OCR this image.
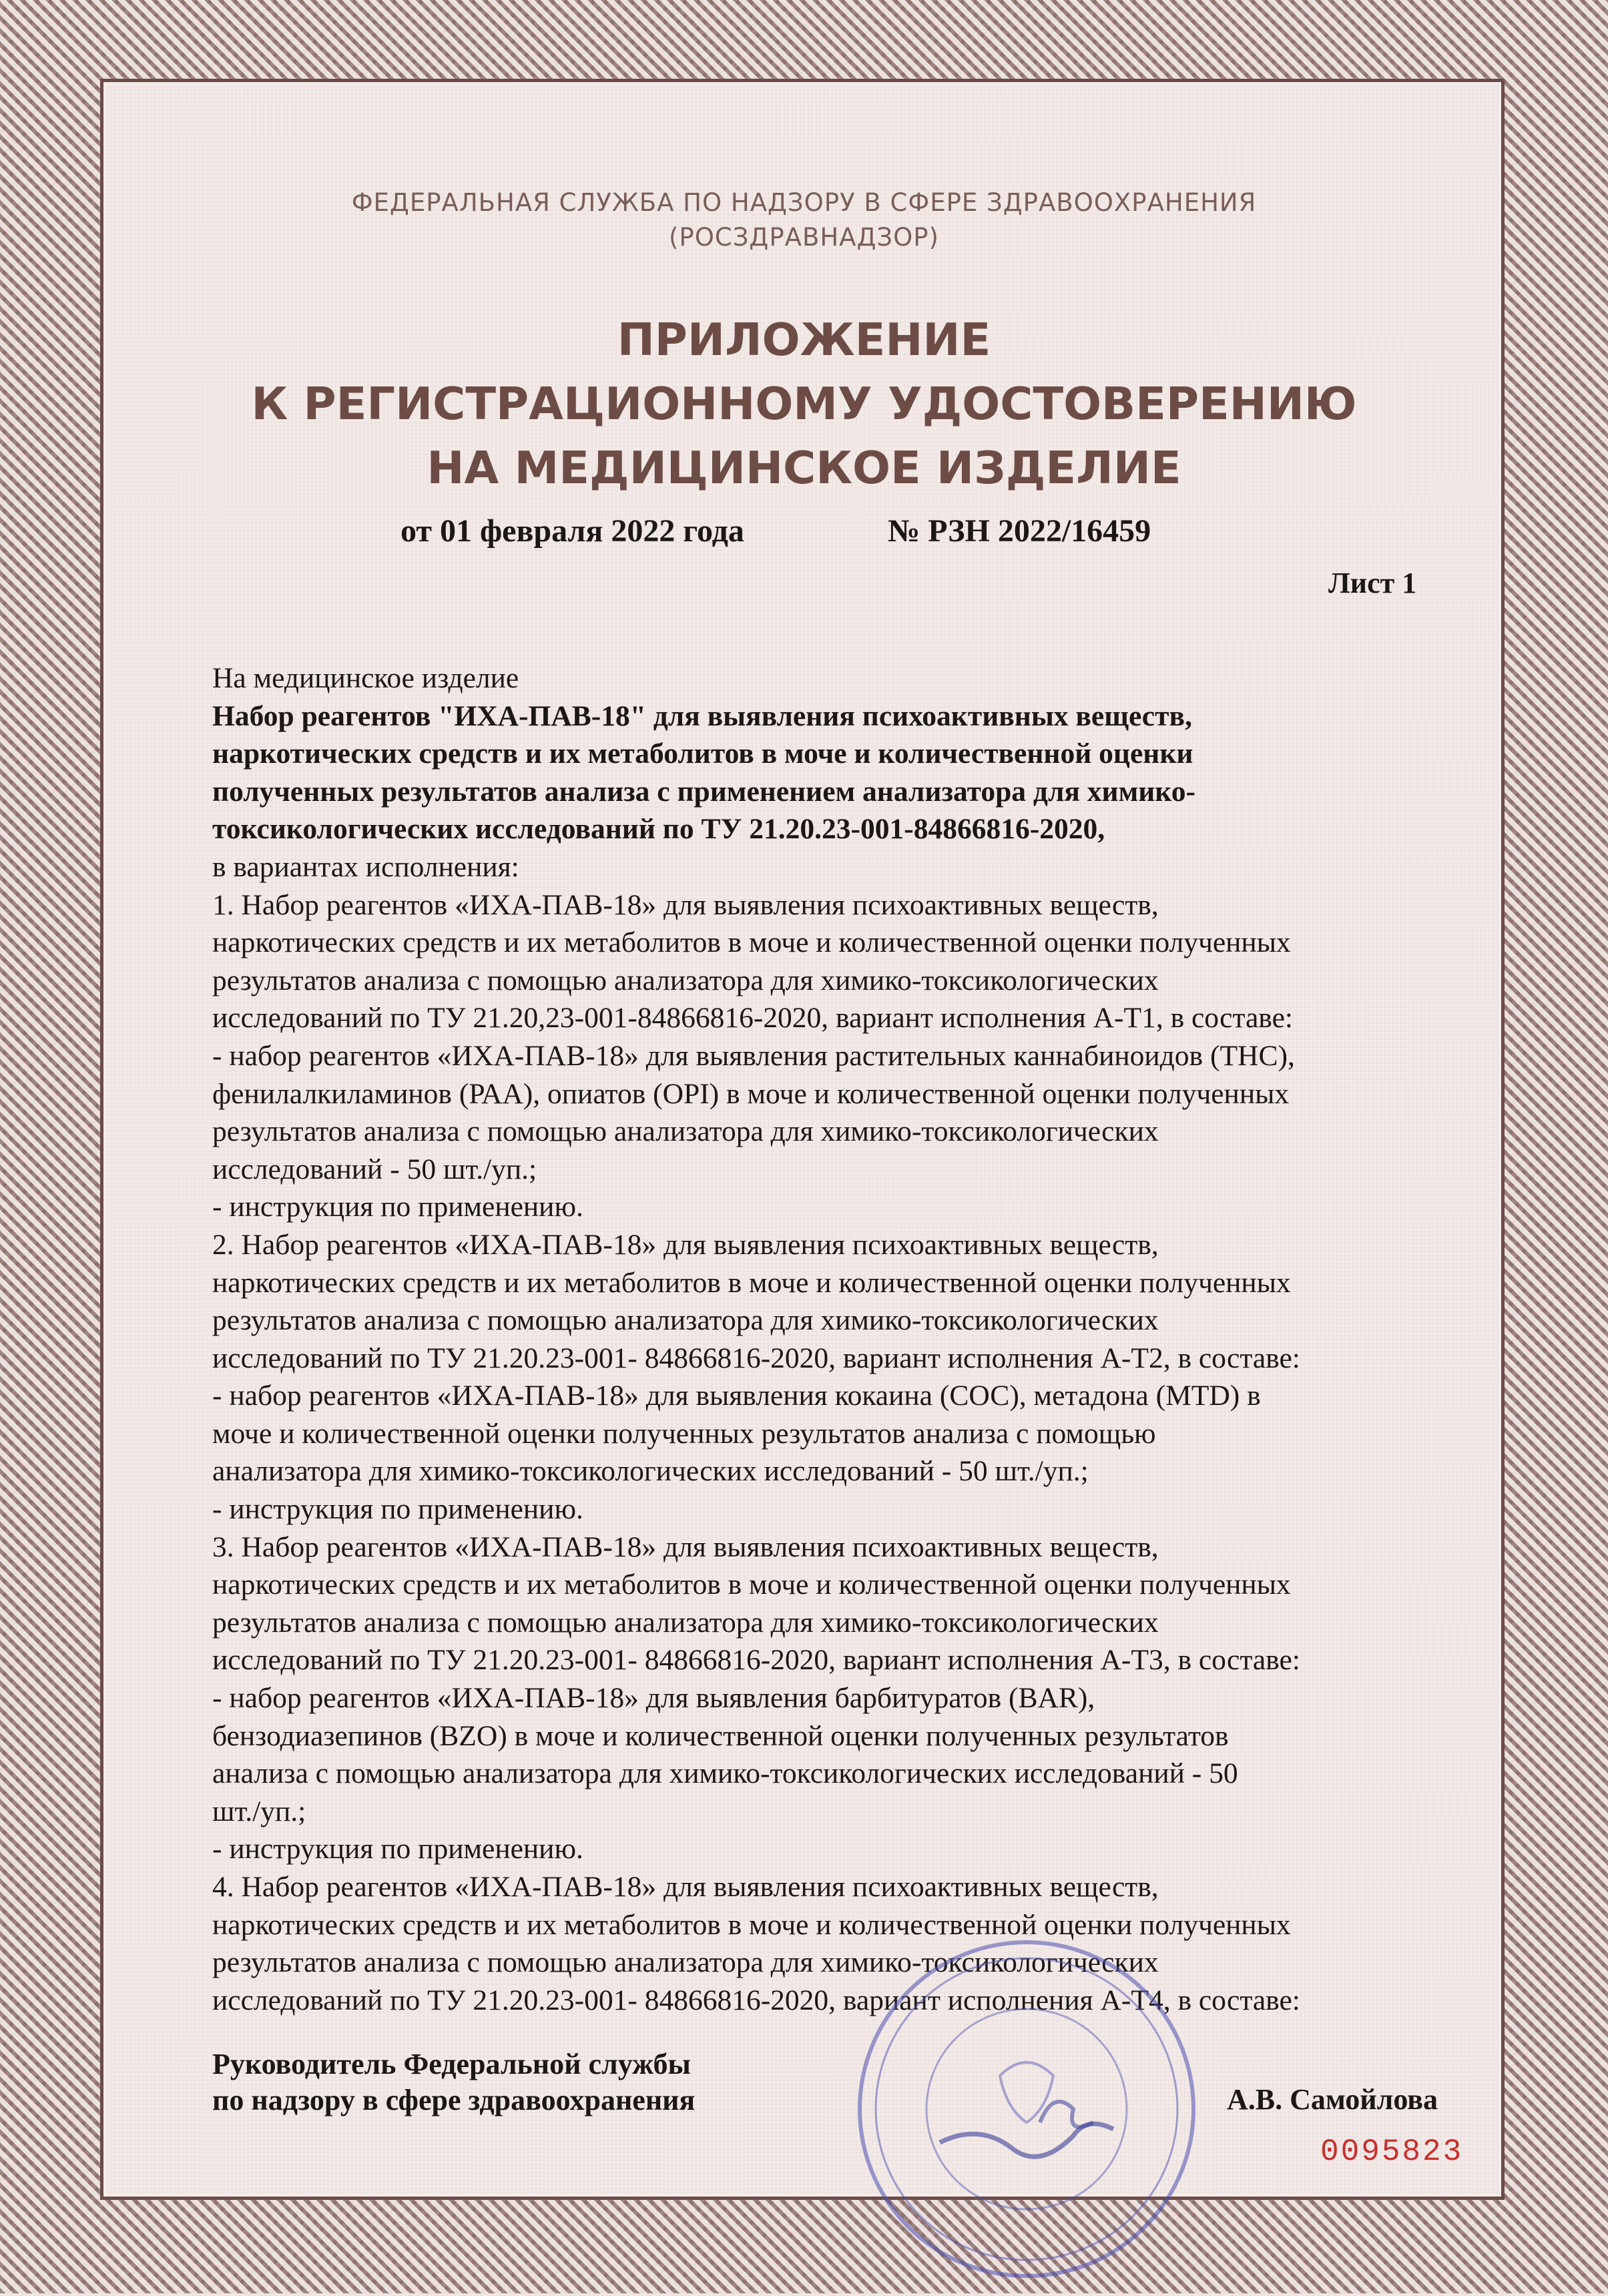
ФЕДЕРАЛЬНАЯ СЛУЖБА ПО НАДЗОРУ В СФЕРЕ ЗДРАВООХРАНЕНИЯ
(РОСЗДРАВНАДЗОР)
ПРИЛОЖЕНИЕ
К РЕГИСТРАЦИОННОМУ УДОСТОВЕРЕНИЮ
НА МЕДИЦИНСКОЕ ИЗДЕЛИЕ
от 01 февраля 2022 года	№ РЗН 2022/16459
Лист 1
На медицинское изделие
Набор реагентов "ИХА-ПАВ-18" для выявления психоактивных веществ,
наркотических средств и их метаболитов в моче и количественной оценки
полученных результатов анализа с применением анализатора для химико-
токсикологических исследований по ТУ 21.20.23-001-84866816-2020,
в вариантах исполнения:
1. Набор реагентов «ИХА-ПАВ-18» для выявления психоактивных веществ,
наркотических средств и их метаболитов в моче и количественной оценки полученных
результатов анализа с помощью анализатора для химико-токсикологических
исследований по ТУ 21.20,23-001-84866816-2020, вариант исполнения А-Т1, в составе:
- набор реагентов «ИХА-ПАВ-18» для выявления растительных каннабиноидов (ТНС),
фенилалкиламинов (РАА), опиатов (OPI) в моче и количественной оценки полученных
результатов анализа с помощью анализатора для химико-токсикологических
исследований - 50 шт./уп.;
- инструкция по применению.
2. Набор реагентов «ИХА-ПАВ-18» для выявления психоактивных веществ,
наркотических средств и их метаболитов в моче и количественной оценки полученных
результатов анализа с помощью анализатора для химико-токсикологических
исследований по ТУ 21.20.23-001- 84866816-2020, вариант исполнения А-Т2, в составе:
- набор реагентов «ИХА-ПАВ-18» для выявления кокаина (СОС), метадона (MTD) в
моче и количественной оценки полученных результатов анализа с помощью
анализатора для химико-токсикологических исследований - 50 шт./уп.;
- инструкция по применению.
3. Набор реагентов «ИХА-ПАВ-18» для выявления психоактивных веществ,
наркотических средств и их метаболитов в моче и количественной оценки полученных
результатов анализа с помощью анализатора для химико-токсикологических
исследований по ТУ 21.20.23-001- 84866816-2020, вариант исполнения А-Т3, в составе:
- набор реагентов «ИХА-ПАВ-18» для выявления барбитуратов (BAR),
бензодиазепинов (BZO) в моче и количественной оценки полученных результатов
анализа с помощью анализатора для химико-токсикологических исследований - 50
шт./уп.;
- инструкция по применению.
4. Набор реагентов «ИХА-ПАВ-18» для выявления психоактивных веществ,
наркотических средств и их метаболитов в моче и количественной оценки полученных
результатов анализа с помощью анализатора для химико-токсикологических
исследований по ТУ 21.20.23-001- 84866816-2020, вариант исполнения А-Т4, в составе:
Руководитель Федеральной службы
по надзору в сфере здравоохранения	А.В. Самойлова
0095823
